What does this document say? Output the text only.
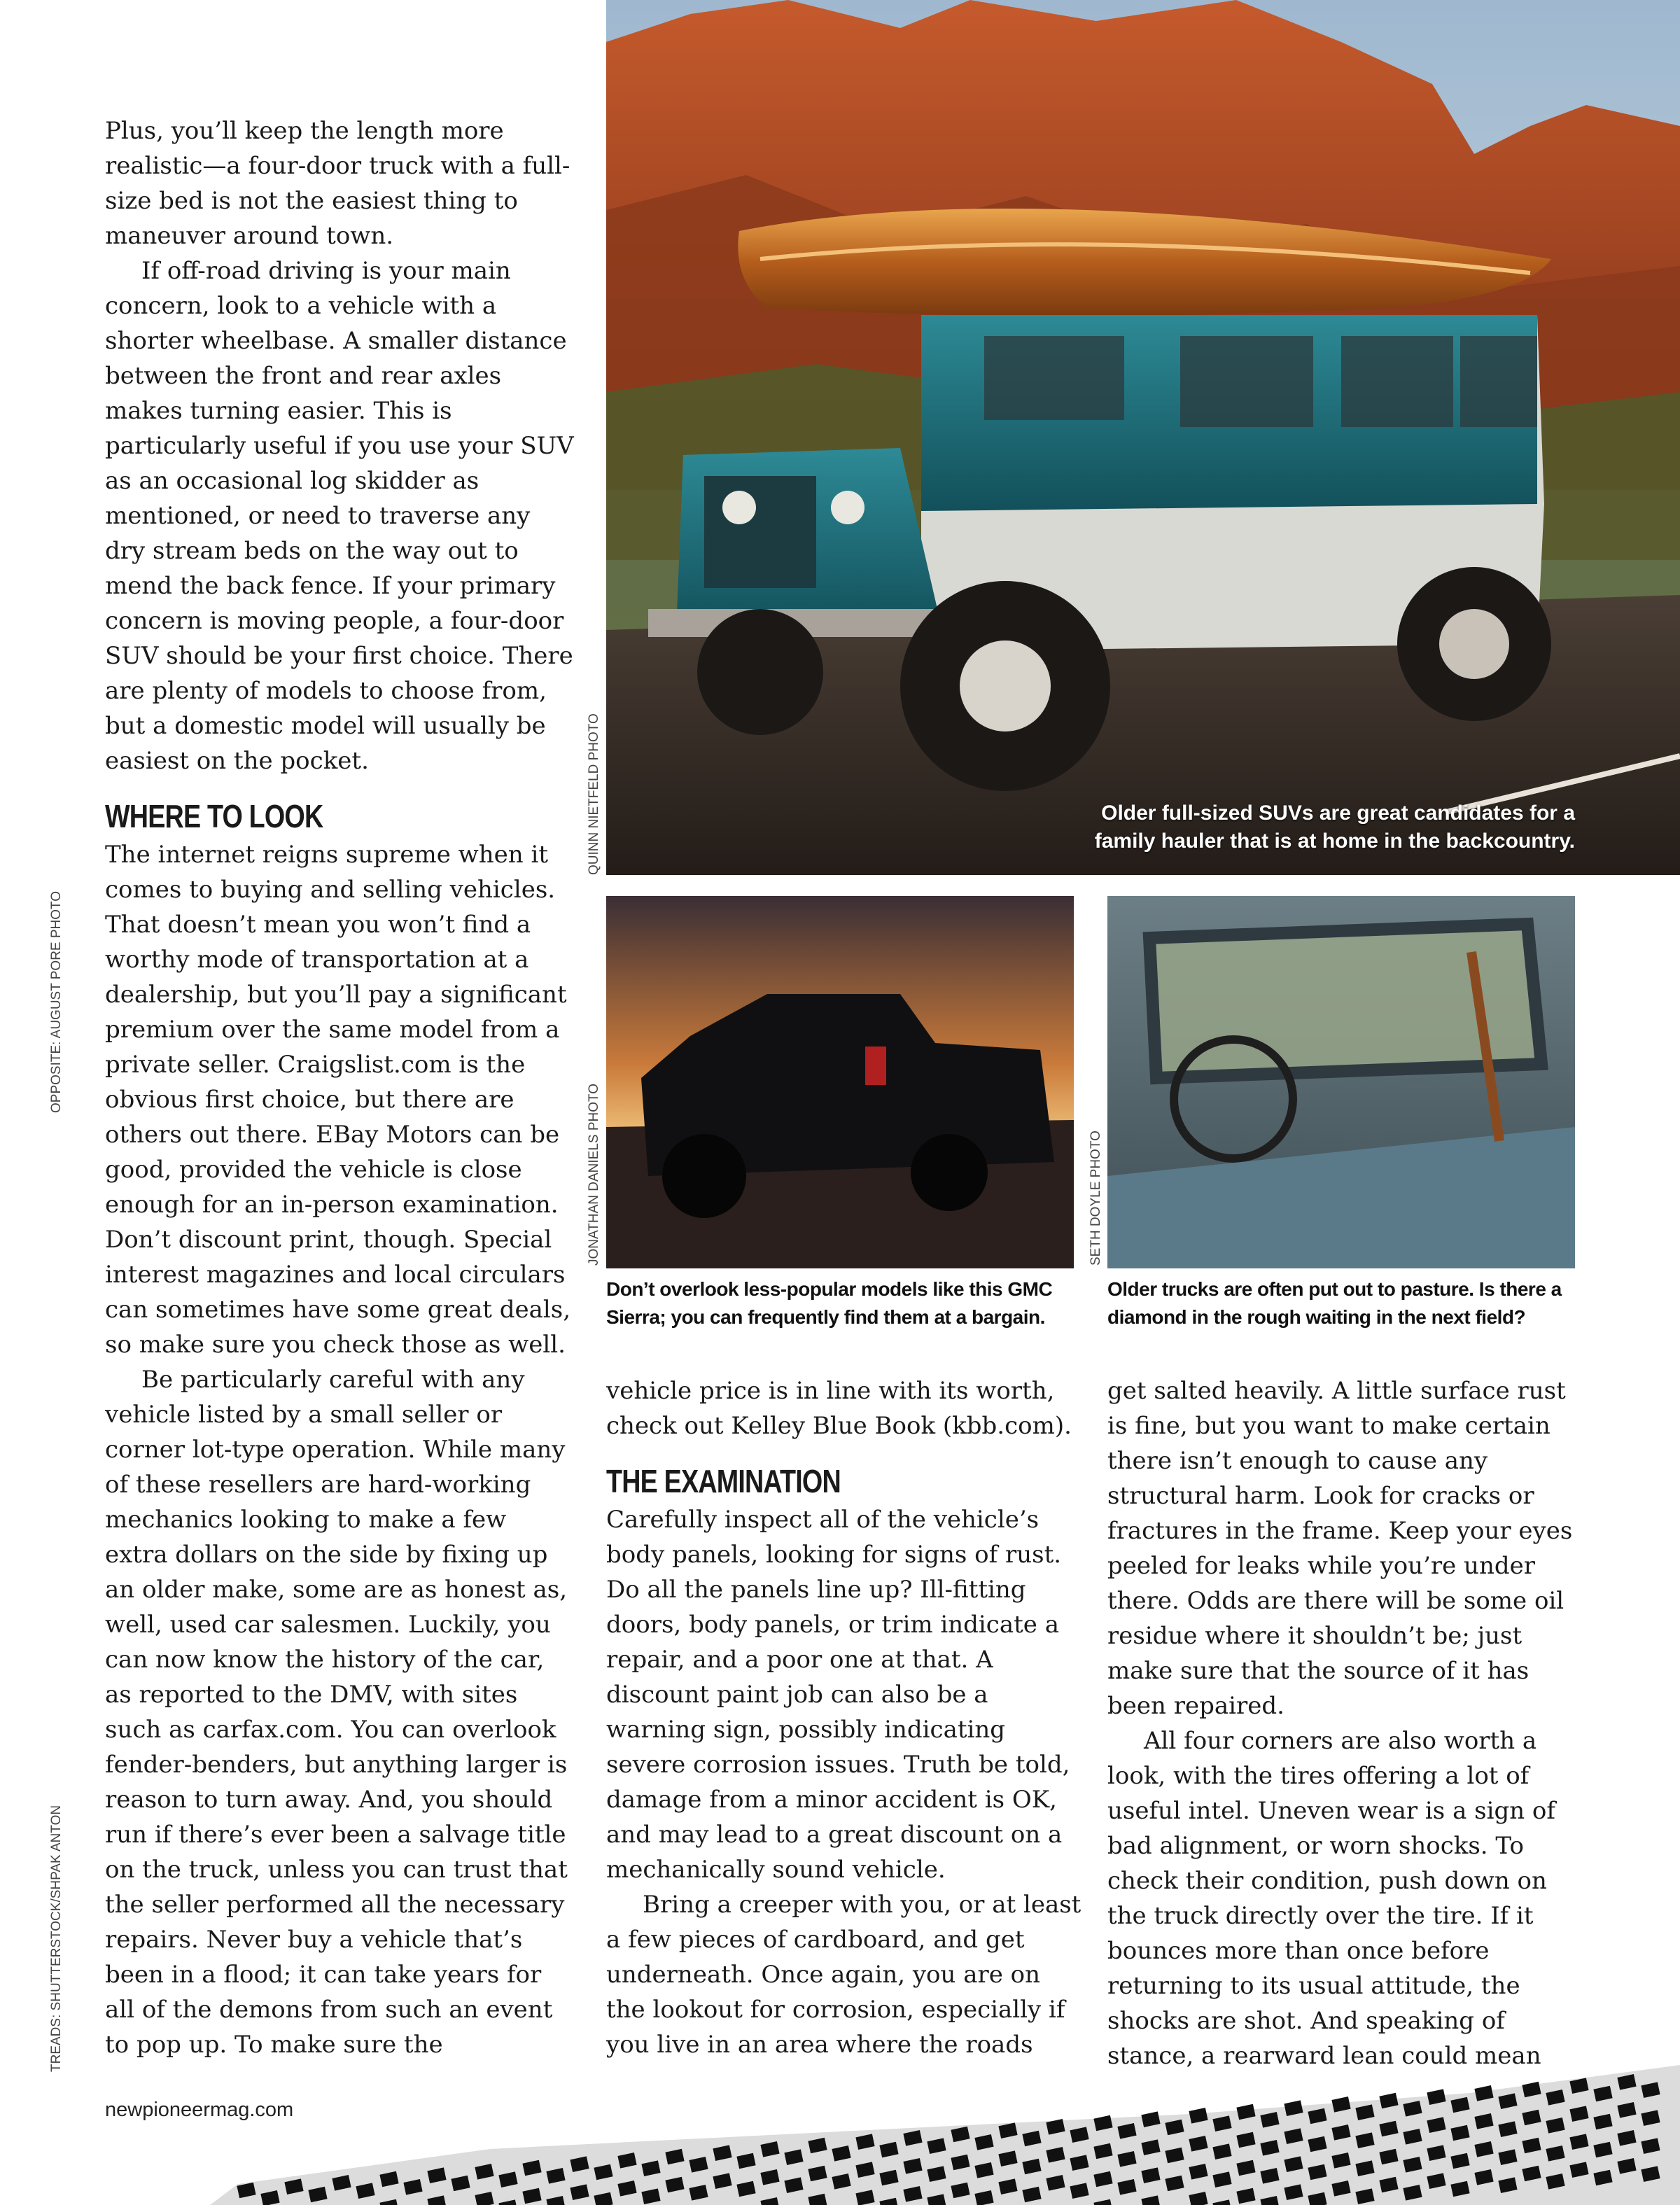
OPPOSITE: AUGUST PORE PHOTO
TREADS: SHUTTERSTOCK/SHPAK ANTON
QUINN NIETFELD PHOTO
JONATHAN DANIELS PHOTO	SETH DOYLE PHOTO

Plus, you’ll keep the length more realistic—a four-door truck with a full-size bed is not the easiest thing to maneuver around town.

If off-road driving is your main concern, look to a vehicle with a shorter wheelbase. A smaller distance between the front and rear axles makes turning easier. This is particularly useful if you use your SUV as an occasional log skidder as mentioned, or need to traverse any dry stream beds on the way out to mend the back fence. If your primary concern is moving people, a four-door SUV should be your first choice. There are plenty of models to choose from, but a domestic model will usually be easiest on the pocket.

WHERE TO LOOK

The internet reigns supreme when it comes to buying and selling vehicles. That doesn’t mean you won’t find a worthy mode of transportation at a dealership, but you’ll pay a significant premium over the same model from a private seller. Craigslist.com is the obvious first choice, but there are others out there. EBay Motors can be good, provided the vehicle is close enough for an in-person examination. Don’t discount print, though. Special interest magazines and local circulars can sometimes have some great deals, so make sure you check those as well.

Be particularly careful with any vehicle listed by a small seller or corner lot-type operation. While many of these resellers are hard-working mechanics looking to make a few extra dollars on the side by fixing up an older make, some are as honest as, well, used car salesmen. Luckily, you can now know the history of the car, as reported to the DMV, with sites such as carfax.com. You can overlook fender-benders, but anything larger is reason to turn away. And, you should run if there’s ever been a salvage title on the truck, unless you can trust that the seller performed all the necessary repairs. Never buy a vehicle that’s been in a flood; it can take years for all of the demons from such an event to pop up. To make sure the

Older full-sized SUVs are great candidates for a family hauler that is at home in the backcountry.
Don’t overlook less-popular models like this GMC Sierra; you can frequently find them at a bargain.
Older trucks are often put out to pasture. Is there a diamond in the rough waiting in the next field?

vehicle price is in line with its worth, check out Kelley Blue Book (kbb.com).

THE EXAMINATION

Carefully inspect all of the vehicle’s body panels, looking for signs of rust. Do all the panels line up? Ill-fitting doors, body panels, or trim indicate a repair, and a poor one at that. A discount paint job can also be a warning sign, possibly indicating severe corrosion issues. Truth be told, damage from a minor accident is OK, and may lead to a great discount on a mechanically sound vehicle.

Bring a creeper with you, or at least a few pieces of cardboard, and get underneath. Once again, you are on the lookout for corrosion, especially if you live in an area where the roads

get salted heavily. A little surface rust is fine, but you want to make certain there isn’t enough to cause any structural harm. Look for cracks or fractures in the frame. Keep your eyes peeled for leaks while you’re under there. Odds are there will be some oil residue where it shouldn’t be; just make sure that the source of it has been repaired.

All four corners are also worth a look, with the tires offering a lot of useful intel. Uneven wear is a sign of bad alignment, or worn shocks. To check their condition, push down on the truck directly over the tire. If it bounces more than once before returning to its usual attitude, the shocks are shot. And speaking of stance, a rearward lean could mean

newpioneermag.com
